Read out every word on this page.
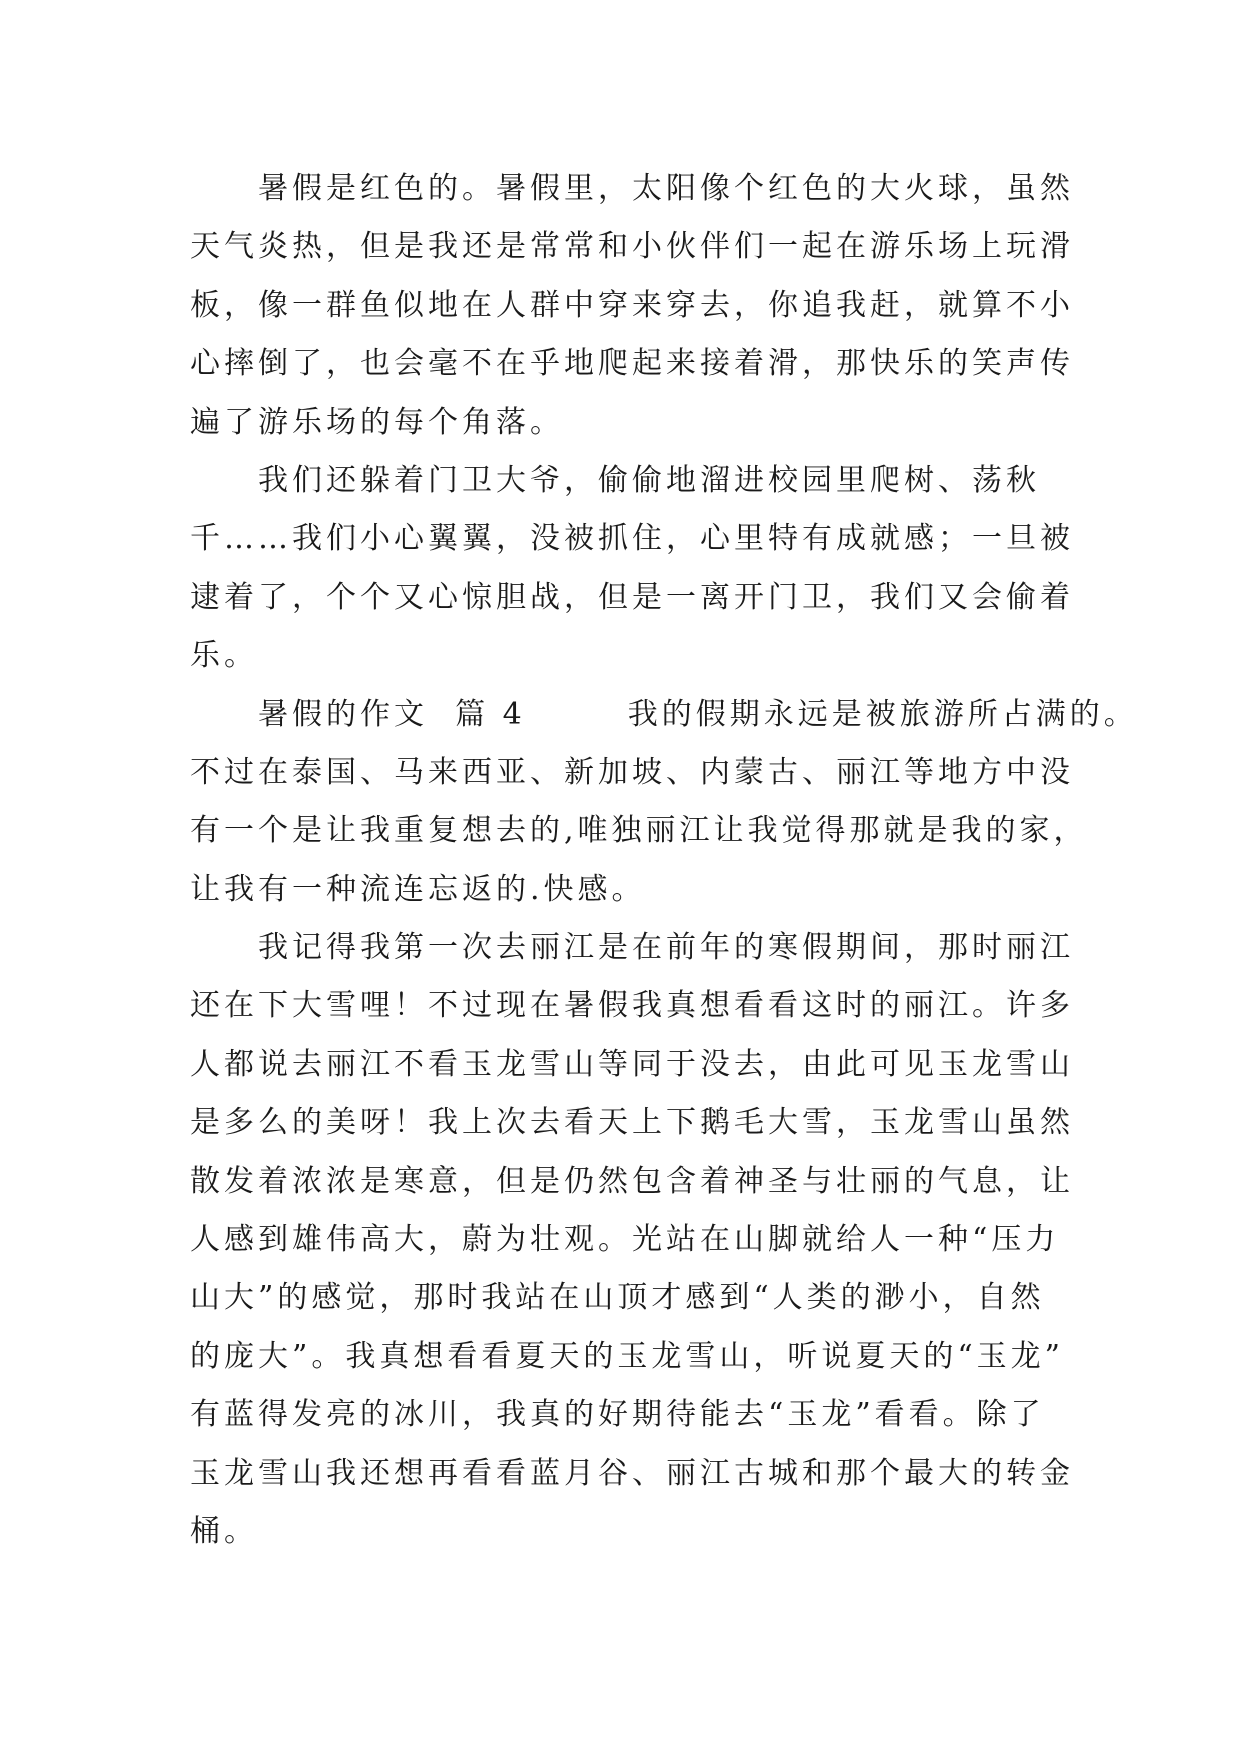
　　暑假是红色的。暑假里，太阳像个红色的大火球，虽然
天气炎热，但是我还是常常和小伙伴们一起在游乐场上玩滑
板，像一群鱼似地在人群中穿来穿去，你追我赶，就算不小
心摔倒了，也会毫不在乎地爬起来接着滑，那快乐的笑声传
遍了游乐场的每个角落。
　　我们还躲着门卫大爷，偷偷地溜进校园里爬树、荡秋
千……我们小心翼翼，没被抓住，心里特有成就感；一旦被
逮着了，个个又心惊胆战，但是一离开门卫，我们又会偷着
乐。
　　暑假的作文  篇 4　　　我的假期永远是被旅游所占满的。
不过在泰国、马来西亚、新加坡、内蒙古、丽江等地方中没
有一个是让我重复想去的,唯独丽江让我觉得那就是我的家，
让我有一种流连忘返的.快感。
　　我记得我第一次去丽江是在前年的寒假期间，那时丽江
还在下大雪哩！不过现在暑假我真想看看这时的丽江。许多
人都说去丽江不看玉龙雪山等同于没去，由此可见玉龙雪山
是多么的美呀！我上次去看天上下鹅毛大雪，玉龙雪山虽然
散发着浓浓是寒意，但是仍然包含着神圣与壮丽的气息，让
人感到雄伟高大，蔚为壮观。光站在山脚就给人一种“压力
山大”的感觉，那时我站在山顶才感到“人类的渺小，自然
的庞大”。我真想看看夏天的玉龙雪山，听说夏天的“玉龙”
有蓝得发亮的冰川，我真的好期待能去“玉龙”看看。除了
玉龙雪山我还想再看看蓝月谷、丽江古城和那个最大的转金
桶。
